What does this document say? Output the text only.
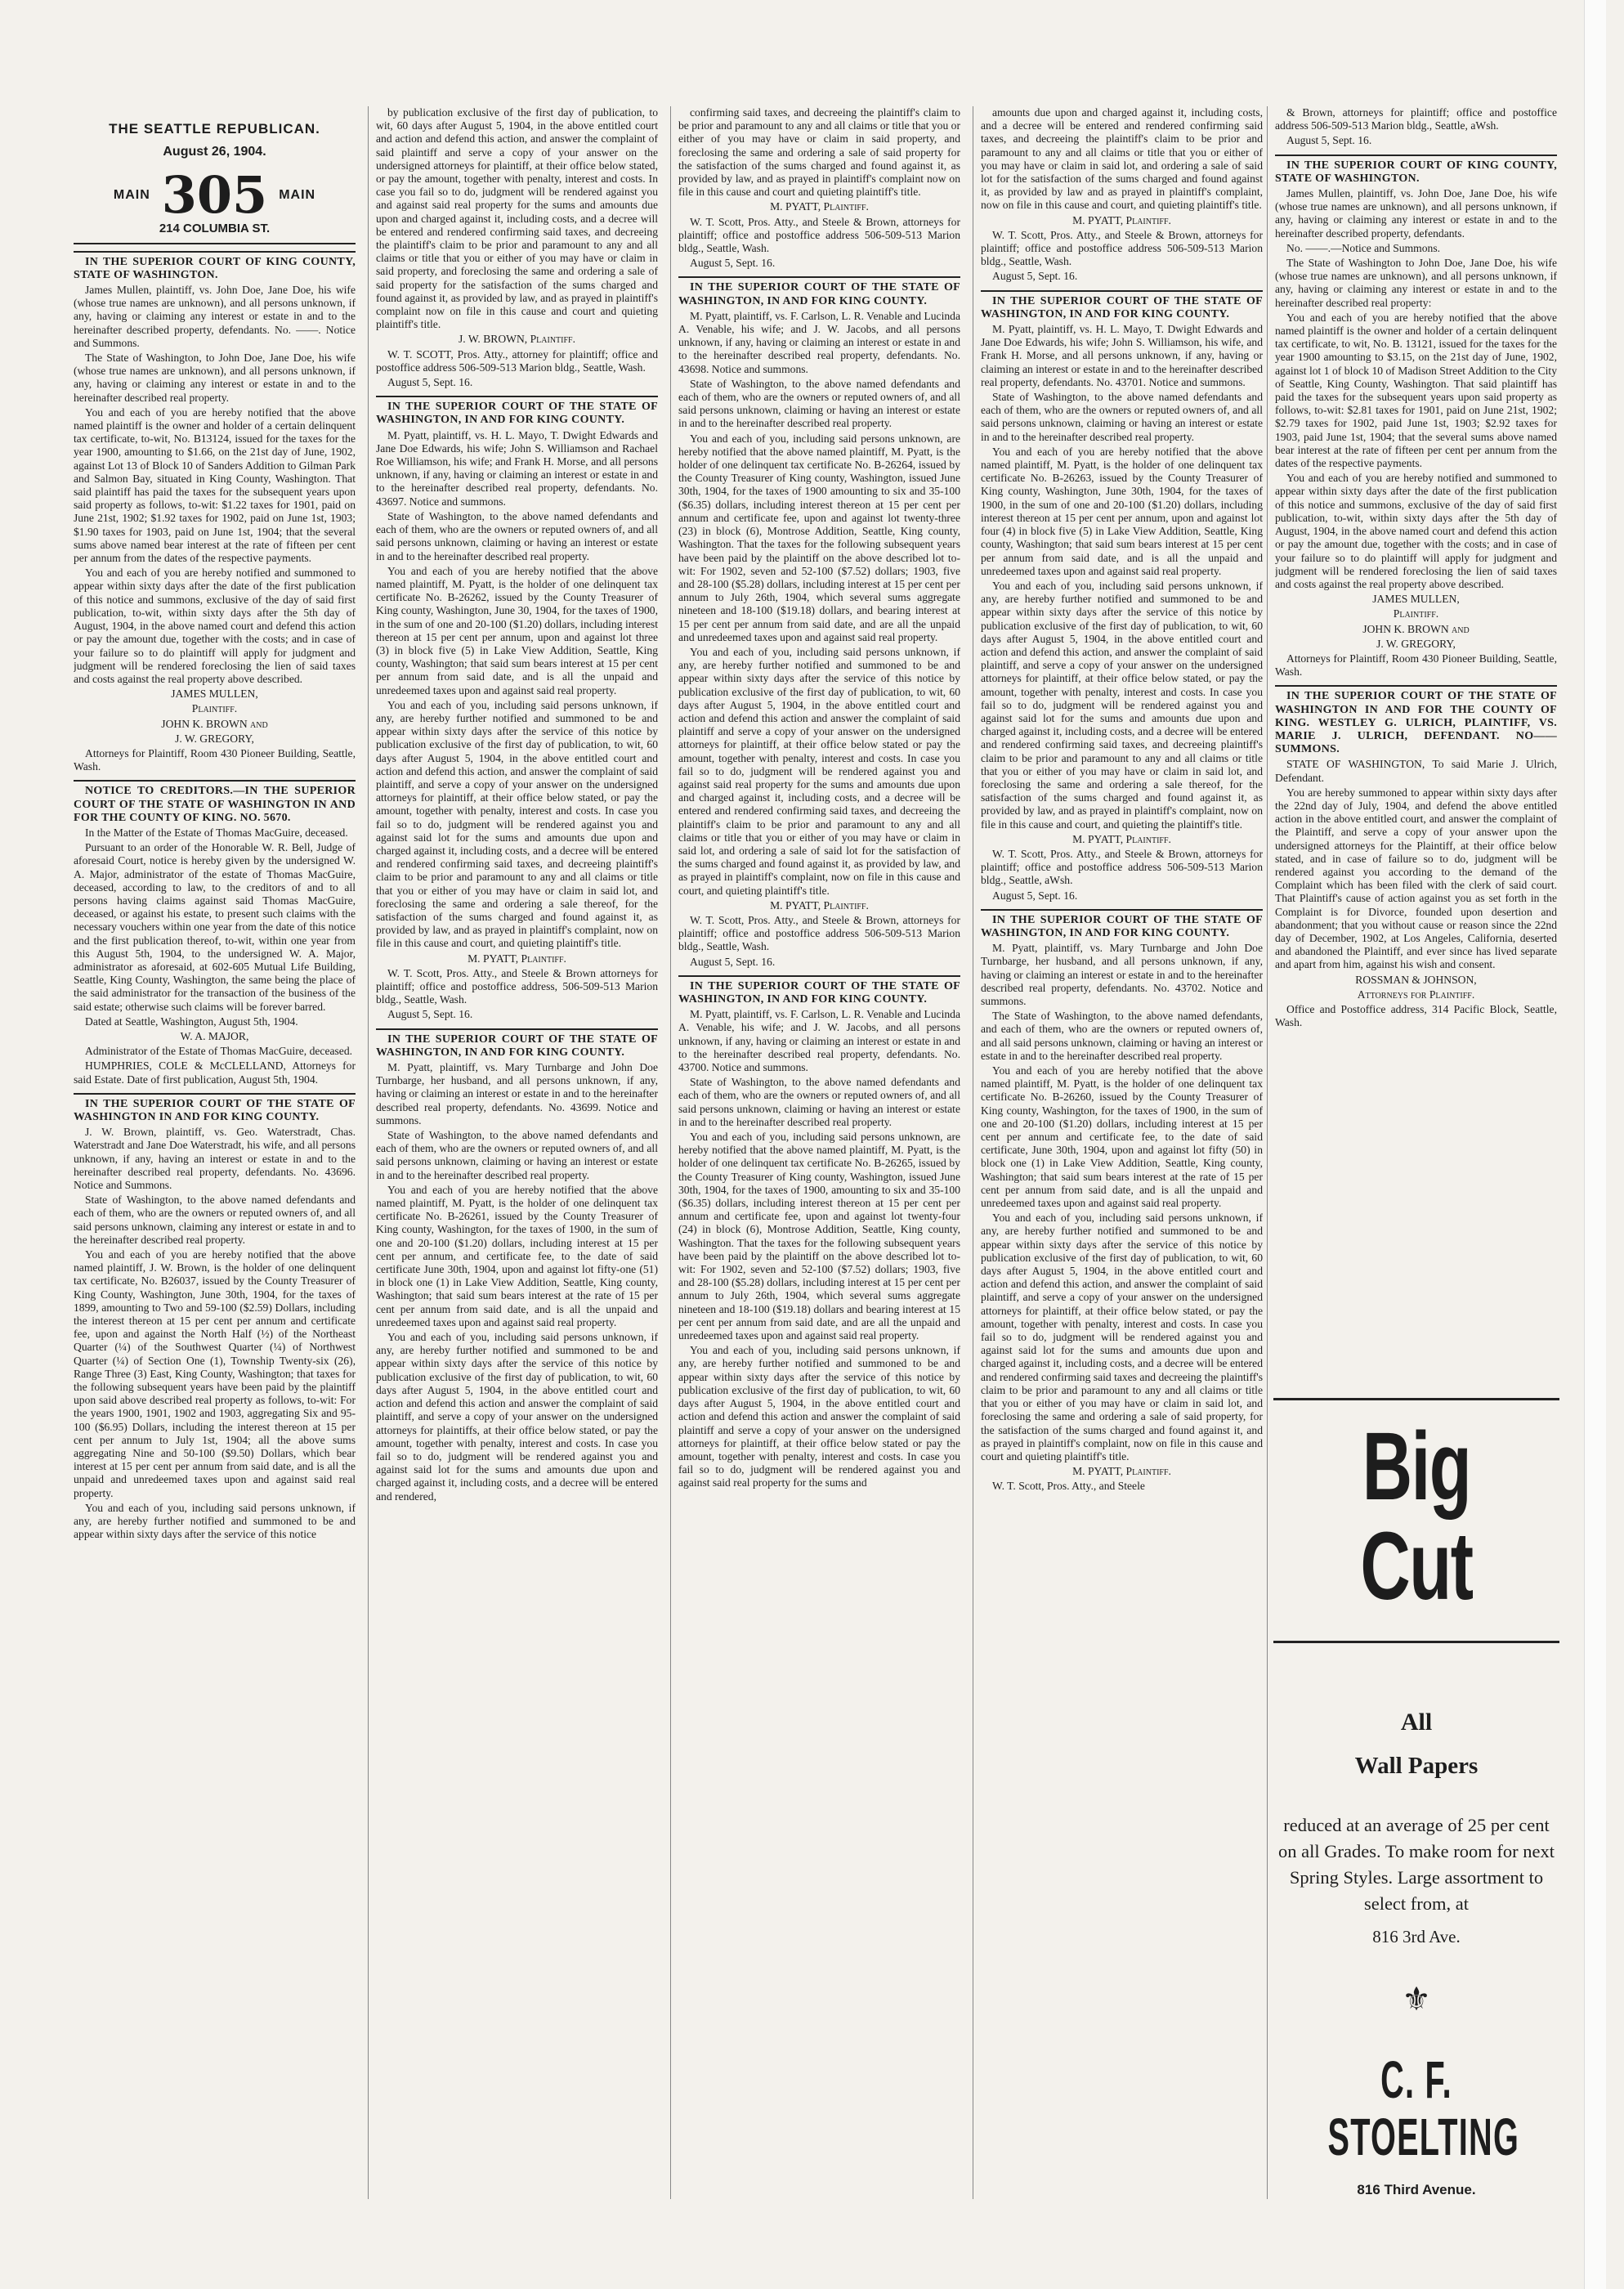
THE SEATTLE REPUBLICAN.
August 26, 1904.
MAIN 305 MAIN
214 COLUMBIA ST.

IN THE SUPERIOR COURT OF KING COUNTY, STATE OF WASHINGTON.

James Mullen, plaintiff, vs. John Doe, Jane Doe, his wife (whose true names are unknown), and all persons unknown, if any, having or claiming any interest or estate in and to the hereinafter described property, defendants. No. ——. Notice and Summons.

The State of Washington, to John Doe, Jane Doe, his wife (whose true names are unknown), and all persons unknown, if any, having or claiming any interest or estate in and to the hereinafter described real property.

You and each of you are hereby notified that the above named plaintiff is the owner and holder of a certain delinquent tax certificate, to-wit, No. B13124, issued for the taxes for the year 1900, amounting to $1.66, on the 21st day of June, 1902, against Lot 13 of Block 10 of Sanders Addition to Gilman Park and Salmon Bay, situated in King County, Washington. That said plaintiff has paid the taxes for the subsequent years upon said property as follows, to-wit: $1.22 taxes for 1901, paid on June 21st, 1902; $1.92 taxes for 1902, paid on June 1st, 1903; $1.90 taxes for 1903, paid on June 1st, 1904; that the several sums above named bear interest at the rate of fifteen per cent per annum from the dates of the respective payments.

You and each of you are hereby notified and summoned to appear within sixty days after the date of the first publication of this notice and summons, exclusive of the day of said first publication, to-wit, within sixty days after the 5th day of August, 1904, in the above named court and defend this action or pay the amount due, together with the costs; and in case of your failure so to do plaintiff will apply for judgment and judgment will be rendered foreclosing the lien of said taxes and costs against the real property above described.

JAMES MULLEN,

Plaintiff.

JOHN K. BROWN and

J. W. GREGORY,

Attorneys for Plaintiff, Room 430 Pioneer Building, Seattle, Wash.

NOTICE TO CREDITORS.—IN THE SUPERIOR COURT OF THE STATE OF WASHINGTON IN AND FOR THE COUNTY OF KING. NO. 5670.

In the Matter of the Estate of Thomas MacGuire, deceased.

Pursuant to an order of the Honorable W. R. Bell, Judge of aforesaid Court, notice is hereby given by the undersigned W. A. Major, administrator of the estate of Thomas MacGuire, deceased, according to law, to the creditors of and to all persons having claims against said Thomas MacGuire, deceased, or against his estate, to present such claims with the necessary vouchers within one year from the date of this notice and the first publication thereof, to-wit, within one year from this August 5th, 1904, to the undersigned W. A. Major, administrator as aforesaid, at 602-605 Mutual Life Building, Seattle, King County, Washington, the same being the place of the said administrator for the transaction of the business of the said estate; otherwise such claims will be forever barred.

Dated at Seattle, Washington, August 5th, 1904.

W. A. MAJOR,

Administrator of the Estate of Thomas MacGuire, deceased.

HUMPHRIES, COLE & McCLELLAND, Attorneys for said Estate. Date of first publication, August 5th, 1904.

IN THE SUPERIOR COURT OF THE STATE OF WASHINGTON IN AND FOR KING COUNTY.

J. W. Brown, plaintiff, vs. Geo. Waterstradt, Chas. Waterstradt and Jane Doe Waterstradt, his wife, and all persons unknown, if any, having an interest or estate in and to the hereinafter described real property, defendants. No. 43696. Notice and Summons.

State of Washington, to the above named defendants and each of them, who are the owners or reputed owners of, and all said persons unknown, claiming any interest or estate in and to the hereinafter described real property.

You and each of you are hereby notified that the above named plaintiff, J. W. Brown, is the holder of one delinquent tax certificate, No. B26037, issued by the County Treasurer of King County, Washington, June 30th, 1904, for the taxes of 1899, amounting to Two and 59-100 ($2.59) Dollars, including the interest thereon at 15 per cent per annum and certificate fee, upon and against the North Half (½) of the Northeast Quarter (¼) of the Southwest Quarter (¼) of Northwest Quarter (¼) of Section One (1), Township Twenty-six (26), Range Three (3) East, King County, Washington; that taxes for the following subsequent years have been paid by the plaintiff upon said above described real property as follows, to-wit: For the years 1900, 1901, 1902 and 1903, aggregating Six and 95-100 ($6.95) Dollars, including the interest thereon at 15 per cent per annum to July 1st, 1904; all the above sums aggregating Nine and 50-100 ($9.50) Dollars, which bear interest at 15 per cent per annum from said date, and is all the unpaid and unredeemed taxes upon and against said real property.

You and each of you, including said persons unknown, if any, are hereby further notified and summoned to be and appear within sixty days after the service of this notice

by publication exclusive of the first day of publication, to wit, 60 days after August 5, 1904, in the above entitled court and action and defend this action, and answer the complaint of said plaintiff and serve a copy of your answer on the undersigned attorneys for plaintiff, at their office below stated, or pay the amount, together with penalty, interest and costs. In case you fail so to do, judgment will be rendered against you and against said real property for the sums and amounts due upon and charged against it, including costs, and a decree will be entered and rendered confirming said taxes, and decreeing the plaintiff's claim to be prior and paramount to any and all claims or title that you or either of you may have or claim in said property, and foreclosing the same and ordering a sale of said property for the satisfaction of the sums charged and found against it, as provided by law, and as prayed in plaintiff's complaint now on file in this cause and court and quieting plaintiff's title.

J. W. BROWN, Plaintiff.

W. T. SCOTT, Pros. Atty., attorney for plaintiff; office and postoffice address 506-509-513 Marion bldg., Seattle, Wash.

August 5, Sept. 16.

IN THE SUPERIOR COURT OF THE STATE OF WASHINGTON, IN AND FOR KING COUNTY.

M. Pyatt, plaintiff, vs. H. L. Mayo, T. Dwight Edwards and Jane Doe Edwards, his wife; John S. Williamson and Rachael Roe Williamson, his wife; and Frank H. Morse, and all persons unknown, if any, having or claiming an interest or estate in and to the hereinafter described real property, defendants. No. 43697. Notice and summons.

State of Washington, to the above named defendants and each of them, who are the owners or reputed owners of, and all said persons unknown, claiming or having an interest or estate in and to the hereinafter described real property.

You and each of you are hereby notified that the above named plaintiff, M. Pyatt, is the holder of one delinquent tax certificate No. B-26262, issued by the County Treasurer of King county, Washington, June 30, 1904, for the taxes of 1900, in the sum of one and 20-100 ($1.20) dollars, including interest thereon at 15 per cent per annum, upon and against lot three (3) in block five (5) in Lake View Addition, Seattle, King county, Washington; that said sum bears interest at 15 per cent per annum from said date, and is all the unpaid and unredeemed taxes upon and against said real property.

You and each of you, including said persons unknown, if any, are hereby further notified and summoned to be and appear within sixty days after the service of this notice by publication exclusive of the first day of publication, to wit, 60 days after August 5, 1904, in the above entitled court and action and defend this action, and answer the complaint of said plaintiff, and serve a copy of your answer on the undersigned attorneys for plaintiff, at their office below stated, or pay the amount, together with penalty, interest and costs. In case you fail so to do, judgment will be rendered against you and against said lot for the sums and amounts due upon and charged against it, including costs, and a decree will be entered and rendered confirming said taxes, and decreeing plaintiff's claim to be prior and paramount to any and all claims or title that you or either of you may have or claim in said lot, and foreclosing the same and ordering a sale thereof, for the satisfaction of the sums charged and found against it, as provided by law, and as prayed in plaintiff's complaint, now on file in this cause and court, and quieting plaintiff's title.

M. PYATT, Plaintiff.

W. T. Scott, Pros. Atty., and Steele & Brown attorneys for plaintiff; office and postoffice address, 506-509-513 Marion bldg., Seattle, Wash.

August 5, Sept. 16.

IN THE SUPERIOR COURT OF THE STATE OF WASHINGTON, IN AND FOR KING COUNTY.

M. Pyatt, plaintiff, vs. Mary Turnbarge and John Doe Turnbarge, her husband, and all persons unknown, if any, having or claiming an interest or estate in and to the hereinafter described real property, defendants. No. 43699. Notice and summons.

State of Washington, to the above named defendants and each of them, who are the owners or reputed owners of, and all said persons unknown, claiming or having an interest or estate in and to the hereinafter described real property.

You and each of you are hereby notified that the above named plaintiff, M. Pyatt, is the holder of one delinquent tax certificate No. B-26261, issued by the County Treasurer of King county, Washington, for the taxes of 1900, in the sum of one and 20-100 ($1.20) dollars, including interest at 15 per cent per annum, and certificate fee, to the date of said certificate June 30th, 1904, upon and against lot fifty-one (51) in block one (1) in Lake View Addition, Seattle, King county, Washington; that said sum bears interest at the rate of 15 per cent per annum from said date, and is all the unpaid and unredeemed taxes upon and against said real property.

You and each of you, including said persons unknown, if any, are hereby further notified and summoned to be and appear within sixty days after the service of this notice by publication exclusive of the first day of publication, to wit, 60 days after August 5, 1904, in the above entitled court and action and defend this action and answer the complaint of said plaintiff, and serve a copy of your answer on the undersigned attorneys for plaintiffs, at their office below stated, or pay the amount, together with penalty, interest and costs. In case you fail so to do, judgment will be rendered against you and against said lot for the sums and amounts due upon and charged against it, including costs, and a decree will be entered and rendered,

confirming said taxes, and decreeing the plaintiff's claim to be prior and paramount to any and all claims or title that you or either of you may have or claim in said property, and foreclosing the same and ordering a sale of said property for the satisfaction of the sums charged and found against it, as provided by law, and as prayed in plaintiff's complaint now on file in this cause and court and quieting plaintiff's title.

M. PYATT, Plaintiff.

W. T. Scott, Pros. Atty., and Steele & Brown, attorneys for plaintiff; office and postoffice address 506-509-513 Marion bldg., Seattle, Wash.

August 5, Sept. 16.

IN THE SUPERIOR COURT OF THE STATE OF WASHINGTON, IN AND FOR KING COUNTY.

M. Pyatt, plaintiff, vs. F. Carlson, L. R. Venable and Lucinda A. Venable, his wife; and J. W. Jacobs, and all persons unknown, if any, having or claiming an interest or estate in and to the hereinafter described real property, defendants. No. 43698. Notice and summons.

State of Washington, to the above named defendants and each of them, who are the owners or reputed owners of, and all said persons unknown, claiming or having an interest or estate in and to the hereinafter described real property.

You and each of you, including said persons unknown, are hereby notified that the above named plaintiff, M. Pyatt, is the holder of one delinquent tax certificate No. B-26264, issued by the County Treasurer of King county, Washington, issued June 30th, 1904, for the taxes of 1900 amounting to six and 35-100 ($6.35) dollars, including interest thereon at 15 per cent per annum and certificate fee, upon and against lot twenty-three (23) in block (6), Montrose Addition, Seattle, King county, Washington. That the taxes for the following subsequent years have been paid by the plaintiff on the above described lot to-wit: For 1902, seven and 52-100 ($7.52) dollars; 1903, five and 28-100 ($5.28) dollars, including interest at 15 per cent per annum to July 26th, 1904, which several sums aggregate nineteen and 18-100 ($19.18) dollars, and bearing interest at 15 per cent per annum from said date, and are all the unpaid and unredeemed taxes upon and against said real property.

You and each of you, including said persons unknown, if any, are hereby further notified and summoned to be and appear within sixty days after the service of this notice by publication exclusive of the first day of publication, to wit, 60 days after August 5, 1904, in the above entitled court and action and defend this action and answer the complaint of said plaintiff and serve a copy of your answer on the undersigned attorneys for plaintiff, at their office below stated or pay the amount, together with penalty, interest and costs. In case you fail so to do, judgment will be rendered against you and against said real property for the sums and amounts due upon and charged against it, including costs, and a decree will be entered and rendered confirming said taxes, and decreeing the plaintiff's claim to be prior and paramount to any and all claims or title that you or either of you may have or claim in said lot, and ordering a sale of said lot for the satisfaction of the sums charged and found against it, as provided by law, and as prayed in plaintiff's complaint, now on file in this cause and court, and quieting plaintiff's title.

M. PYATT, Plaintiff.

W. T. Scott, Pros. Atty., and Steele & Brown, attorneys for plaintiff; office and postoffice address 506-509-513 Marion bldg., Seattle, Wash.

August 5, Sept. 16.

IN THE SUPERIOR COURT OF THE STATE OF WASHINGTON, IN AND FOR KING COUNTY.

M. Pyatt, plaintiff, vs. F. Carlson, L. R. Venable and Lucinda A. Venable, his wife; and J. W. Jacobs, and all persons unknown, if any, having or claiming an interest or estate in and to the hereinafter described real property, defendants. No. 43700. Notice and summons.

State of Washington, to the above named defendants and each of them, who are the owners or reputed owners of, and all said persons unknown, claiming or having an interest or estate in and to the hereinafter described real property.

You and each of you, including said persons unknown, are hereby notified that the above named plaintiff, M. Pyatt, is the holder of one delinquent tax certificate No. B-26265, issued by the County Treasurer of King county, Washington, issued June 30th, 1904, for the taxes of 1900, amounting to six and 35-100 ($6.35) dollars, including interest thereon at 15 per cent per annum and certificate fee, upon and against lot twenty-four (24) in block (6), Montrose Addition, Seattle, King county, Washington. That the taxes for the following subsequent years have been paid by the plaintiff on the above described lot to-wit: For 1902, seven and 52-100 ($7.52) dollars; 1903, five and 28-100 ($5.28) dollars, including interest at 15 per cent per annum to July 26th, 1904, which several sums aggregate nineteen and 18-100 ($19.18) dollars and bearing interest at 15 per cent per annum from said date, and are all the unpaid and unredeemed taxes upon and against said real property.

You and each of you, including said persons unknown, if any, are hereby further notified and summoned to be and appear within sixty days after the service of this notice by publication exclusive of the first day of publication, to wit, 60 days after August 5, 1904, in the above entitled court and action and defend this action and answer the complaint of said plaintiff and serve a copy of your answer on the undersigned attorneys for plaintiff, at their office below stated or pay the amount, together with penalty, interest and costs. In case you fail so to do, judgment will be rendered against you and against said real property for the sums and

amounts due upon and charged against it, including costs, and a decree will be entered and rendered confirming said taxes, and decreeing the plaintiff's claim to be prior and paramount to any and all claims or title that you or either of you may have or claim in said lot, and ordering a sale of said lot for the satisfaction of the sums charged and found against it, as provided by law and as prayed in plaintiff's complaint, now on file in this cause and court, and quieting plaintiff's title.

M. PYATT, Plaintiff.

W. T. Scott, Pros. Atty., and Steele & Brown, attorneys for plaintiff; office and postoffice address 506-509-513 Marion bldg., Seattle, Wash.

August 5, Sept. 16.

IN THE SUPERIOR COURT OF THE STATE OF WASHINGTON, IN AND FOR KING COUNTY.

M. Pyatt, plaintiff, vs. H. L. Mayo, T. Dwight Edwards and Jane Doe Edwards, his wife; John S. Williamson, his wife, and Frank H. Morse, and all persons unknown, if any, having or claiming an interest or estate in and to the hereinafter described real property, defendants. No. 43701. Notice and summons.

State of Washington, to the above named defendants and each of them, who are the owners or reputed owners of, and all said persons unknown, claiming or having an interest or estate in and to the hereinafter described real property.

You and each of you are hereby notified that the above named plaintiff, M. Pyatt, is the holder of one delinquent tax certificate No. B-26263, issued by the County Treasurer of King county, Washington, June 30th, 1904, for the taxes of 1900, in the sum of one and 20-100 ($1.20) dollars, including interest thereon at 15 per cent per annum, upon and against lot four (4) in block five (5) in Lake View Addition, Seattle, King county, Washington; that said sum bears interest at 15 per cent per annum from said date, and is all the unpaid and unredeemed taxes upon and against said real property.

You and each of you, including said persons unknown, if any, are hereby further notified and summoned to be and appear within sixty days after the service of this notice by publication exclusive of the first day of publication, to wit, 60 days after August 5, 1904, in the above entitled court and action and defend this action, and answer the complaint of said plaintiff, and serve a copy of your answer on the undersigned attorneys for plaintiff, at their office below stated, or pay the amount, together with penalty, interest and costs. In case you fail so to do, judgment will be rendered against you and against said lot for the sums and amounts due upon and charged against it, including costs, and a decree will be entered and rendered confirming said taxes, and decreeing plaintiff's claim to be prior and paramount to any and all claims or title that you or either of you may have or claim in said lot, and foreclosing the same and ordering a sale thereof, for the satisfaction of the sums charged and found against it, as provided by law, and as prayed in plaintiff's complaint, now on file in this cause and court, and quieting the plaintiff's title.

M. PYATT, Plaintiff.

W. T. Scott, Pros. Atty., and Steele & Brown, attorneys for plaintiff; office and postoffice address 506-509-513 Marion bldg., Seattle, aWsh.

August 5, Sept. 16.

IN THE SUPERIOR COURT OF THE STATE OF WASHINGTON, IN AND FOR KING COUNTY.

M. Pyatt, plaintiff, vs. Mary Turnbarge and John Doe Turnbarge, her husband, and all persons unknown, if any, having or claiming an interest or estate in and to the hereinafter described real property, defendants. No. 43702. Notice and summons.

The State of Washington, to the above named defendants, and each of them, who are the owners or reputed owners of, and all said persons unknown, claiming or having an interest or estate in and to the hereinafter described real property.

You and each of you are hereby notified that the above named plaintiff, M. Pyatt, is the holder of one delinquent tax certificate No. B-26260, issued by the County Treasurer of King county, Washington, for the taxes of 1900, in the sum of one and 20-100 ($1.20) dollars, including interest at 15 per cent per annum and certificate fee, to the date of said certificate, June 30th, 1904, upon and against lot fifty (50) in block one (1) in Lake View Addition, Seattle, King county, Washington; that said sum bears interest at the rate of 15 per cent per annum from said date, and is all the unpaid and unredeemed taxes upon and against said real property.

You and each of you, including said persons unknown, if any, are hereby further notified and summoned to be and appear within sixty days after the service of this notice by publication exclusive of the first day of publication, to wit, 60 days after August 5, 1904, in the above entitled court and action and defend this action, and answer the complaint of said plaintiff, and serve a copy of your answer on the undersigned attorneys for plaintiff, at their office below stated, or pay the amount, together with penalty, interest and costs. In case you fail so to do, judgment will be rendered against you and against said lot for the sums and amounts due upon and charged against it, including costs, and a decree will be entered and rendered confirming said taxes and decreeing the plaintiff's claim to be prior and paramount to any and all claims or title that you or either of you may have or claim in said lot, and foreclosing the same and ordering a sale of said property, for the satisfaction of the sums charged and found against it, and as prayed in plaintiff's complaint, now on file in this cause and court and quieting plaintiff's title.

M. PYATT, Plaintiff.

W. T. Scott, Pros. Atty., and Steele

& Brown, attorneys for plaintiff; office and postoffice address 506-509-513 Marion bldg., Seattle, aWsh.

August 5, Sept. 16.

IN THE SUPERIOR COURT OF KING COUNTY, STATE OF WASHINGTON.

James Mullen, plaintiff, vs. John Doe, Jane Doe, his wife (whose true names are unknown), and all persons unknown, if any, having or claiming any interest or estate in and to the hereinafter described property, defendants.

No. ——.—Notice and Summons.

The State of Washington to John Doe, Jane Doe, his wife (whose true names are unknown), and all persons unknown, if any, having or claiming any interest or estate in and to the hereinafter described real property:

You and each of you are hereby notified that the above named plaintiff is the owner and holder of a certain delinquent tax certificate, to wit, No. B. 13121, issued for the taxes for the year 1900 amounting to $3.15, on the 21st day of June, 1902, against lot 1 of block 10 of Madison Street Addition to the City of Seattle, King County, Washington. That said plaintiff has paid the taxes for the subsequent years upon said property as follows, to-wit: $2.81 taxes for 1901, paid on June 21st, 1902; $2.79 taxes for 1902, paid June 1st, 1903; $2.92 taxes for 1903, paid June 1st, 1904; that the several sums above named bear interest at the rate of fifteen per cent per annum from the dates of the respective payments.

You and each of you are hereby notified and summoned to appear within sixty days after the date of the first publication of this notice and summons, exclusive of the day of said first publication, to-wit, within sixty days after the 5th day of August, 1904, in the above named court and defend this action or pay the amount due, together with the costs; and in case of your failure so to do plaintiff will apply for judgment and judgment will be rendered foreclosing the lien of said taxes and costs against the real property above described.

JAMES MULLEN,

Plaintiff.

JOHN K. BROWN and

J. W. GREGORY,

Attorneys for Plaintiff, Room 430 Pioneer Building, Seattle, Wash.

IN THE SUPERIOR COURT OF THE STATE OF WASHINGTON IN AND FOR THE COUNTY OF KING. WESTLEY G. ULRICH, PLAINTIFF, VS. MARIE J. ULRICH, DEFENDANT. NO—— SUMMONS.

STATE OF WASHINGTON, To said Marie J. Ulrich, Defendant.

You are hereby summoned to appear within sixty days after the 22nd day of July, 1904, and defend the above entitled action in the above entitled court, and answer the complaint of the Plaintiff, and serve a copy of your answer upon the undersigned attorneys for the Plaintiff, at their office below stated, and in case of failure so to do, judgment will be rendered against you according to the demand of the Complaint which has been filed with the clerk of said court. That Plaintiff's cause of action against you as set forth in the Complaint is for Divorce, founded upon desertion and abandonment; that you without cause or reason since the 22nd day of December, 1902, at Los Angeles, California, deserted and abandoned the Plaintiff, and ever since has lived separate and apart from him, against his wish and consent.

ROSSMAN & JOHNSON,

Attorneys for Plaintiff.

Office and Postoffice address, 314 Pacific Block, Seattle, Wash.

Big Cut
All
Wall Papers
reduced at an average of 25 per cent on all Grades. To make room for next Spring Styles. Large assortment to select from, at
816 3rd Ave.
⚜
C. F. STOELTING
816 Third Avenue.
